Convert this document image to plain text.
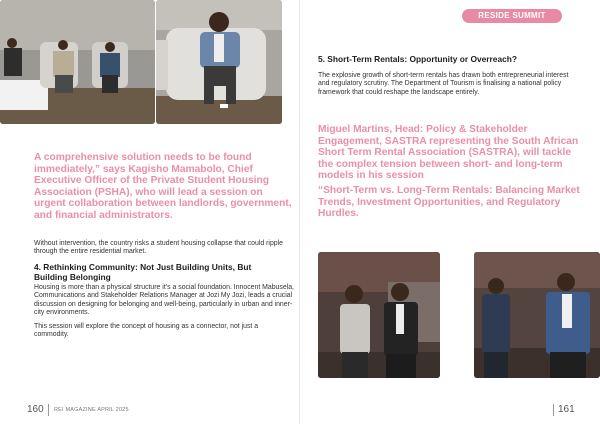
A comprehensive solution needs to be found immediately,” says Kagisho Mamabolo, Chief Executive Officer of the Private Student Housing Association (PSHA), who will lead a session on urgent collaboration between landlords, government, and financial administrators.
Without intervention, the country risks a student housing collapse that could ripple through the entire residential market.
4. Rethinking Community: Not Just Building Units, But Building Belonging
Housing is more than a physical structure it’s a social foundation. Innocent Mabusela, Communications and Stakeholder Relations Manager at Jozi My Jozi, leads a crucial discussion on designing for belonging and well-being, particularly in urban and inner-city environments.
This session will explore the concept of housing as a connector, not just a commodity.
160	REI MAGAZINE APRIL 2025
RESIDE SUMMIT
5. Short-Term Rentals: Opportunity or Overreach?
The explosive growth of short-term rentals has drawn both entrepreneurial interest and regulatory scrutiny. The Department of Tourism is finalising a national policy framework that could reshape the landscape entirely.
Miguel Martins, Head: Policy & Stakeholder Engagement, SASTRA representing the South African Short Term Rental Association (SASTRA), will tackle the complex tension between short- and long-term models in his session
“Short-Term vs. Long-Term Rentals: Balancing Market Trends, Investment Opportunities, and Regulatory Hurdles.
161
